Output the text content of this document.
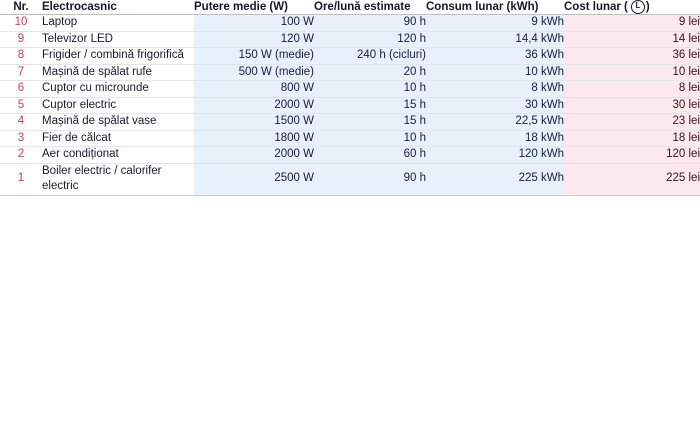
Nr.	Electrocasnic	Putere medie (W)	Ore/lună estimate	Consum lunar (kWh)	Cost lunar ( L )

10	Laptop	100 W	90 h	9 kWh	9 lei
9	Televizor LED	120 W	120 h	14,4 kWh	14 lei
8	Frigider / combină frigorifică	150 W (medie)	240 h (cicluri)	36 kWh	36 lei
7	Mașină de spălat rufe	500 W (medie)	20 h	10 kWh	10 lei
6	Cuptor cu microunde	800 W	10 h	8 kWh	8 lei
5	Cuptor electric	2000 W	15 h	30 kWh	30 lei
4	Mașină de spălat vase	1500 W	15 h	22,5 kWh	23 lei
3	Fier de călcat	1800 W	10 h	18 kWh	18 lei
2	Aer condiționat	2000 W	60 h	120 kWh	120 lei
1	Boiler electric / calorifer electric	2500 W	90 h	225 kWh	225 lei
